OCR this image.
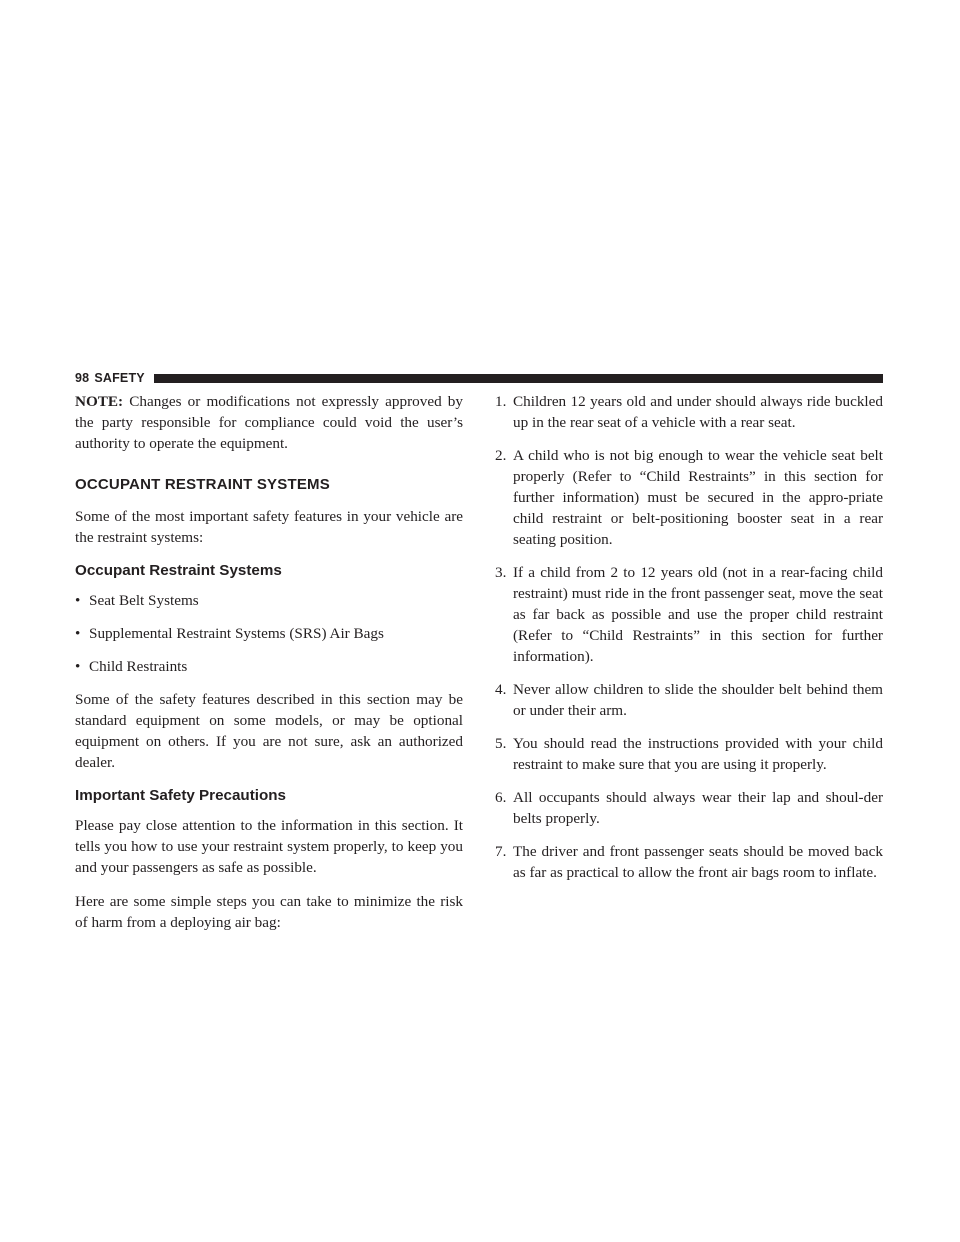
98 SAFETY

NOTE: Changes or modifications not expressly approved by the party responsible for compliance could void the user’s authority to operate the equipment.

OCCUPANT RESTRAINT SYSTEMS

Some of the most important safety features in your vehicle are the restraint systems:

Occupant Restraint Systems
• Seat Belt Systems
• Supplemental Restraint Systems (SRS) Air Bags
• Child Restraints

Some of the safety features described in this section may be standard equipment on some models, or may be optional equipment on others. If you are not sure, ask an authorized dealer.

Important Safety Precautions

Please pay close attention to the information in this section. It tells you how to use your restraint system properly, to keep you and your passengers as safe as possible.

Here are some simple steps you can take to minimize the risk of harm from a deploying air bag:

1. Children 12 years old and under should always ride buckled up in the rear seat of a vehicle with a rear seat.
2. A child who is not big enough to wear the vehicle seat belt properly (Refer to “Child Restraints” in this section for further information) must be secured in the appro-priate child restraint or belt-positioning booster seat in a rear seating position.
3. If a child from 2 to 12 years old (not in a rear-facing child restraint) must ride in the front passenger seat, move the seat as far back as possible and use the proper child restraint (Refer to “Child Restraints” in this section for further information).
4. Never allow children to slide the shoulder belt behind them or under their arm.
5. You should read the instructions provided with your child restraint to make sure that you are using it properly.
6. All occupants should always wear their lap and shoul-der belts properly.
7. The driver and front passenger seats should be moved back as far as practical to allow the front air bags room to inflate.
